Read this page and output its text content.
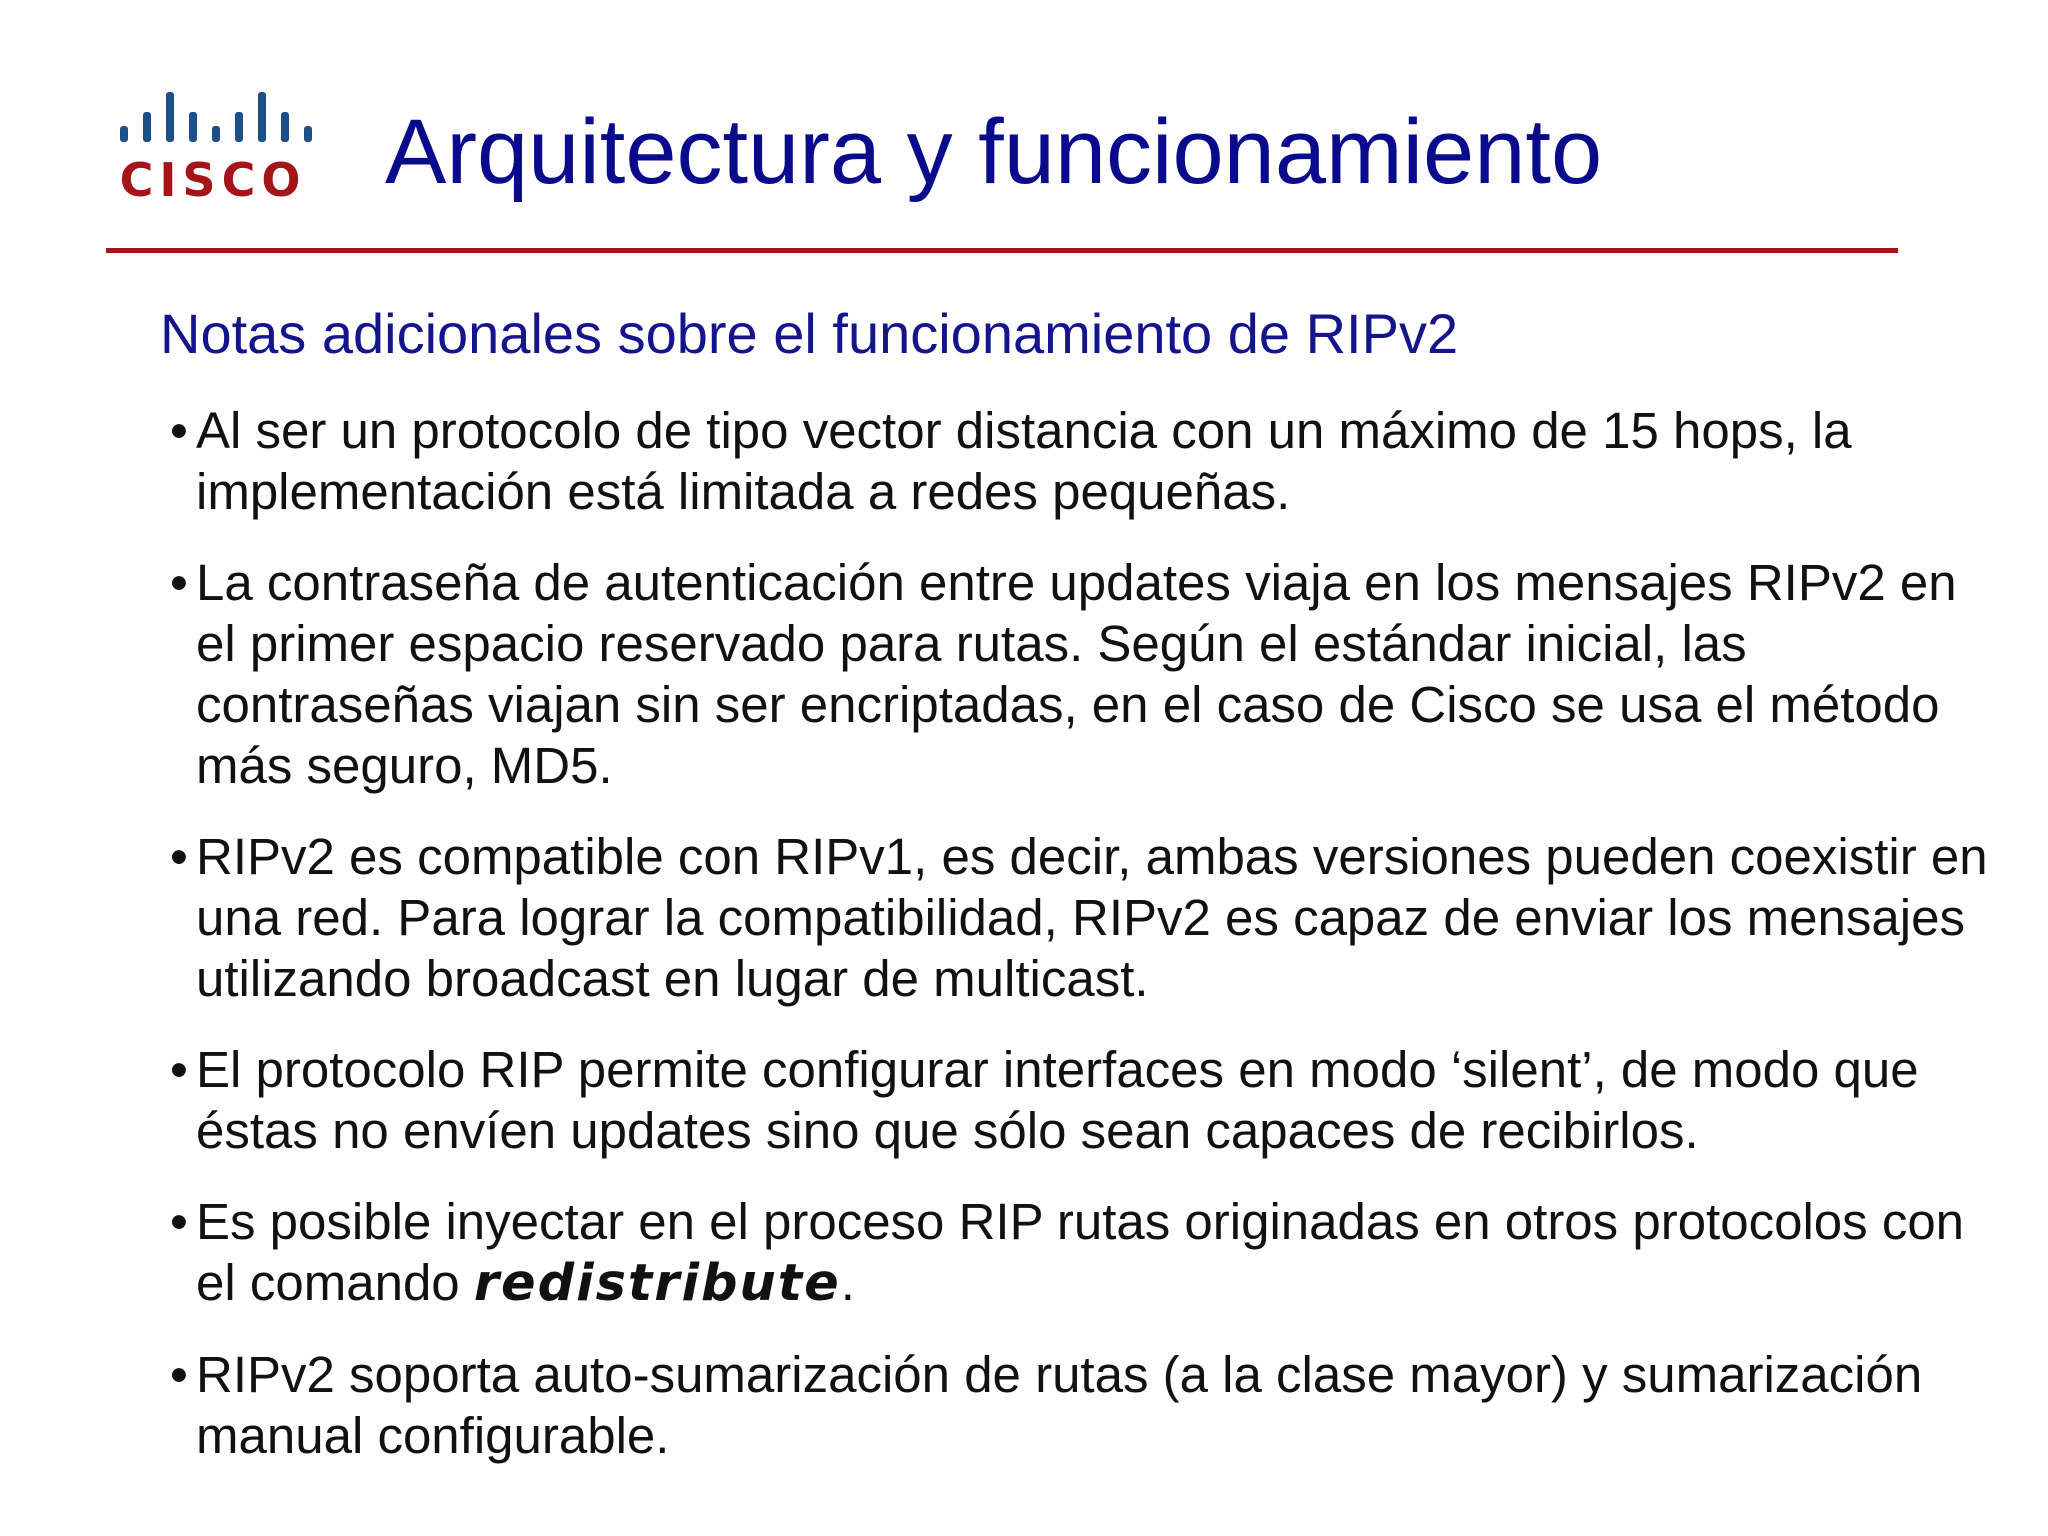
CISCO Arquitectura y funcionamiento
Notas adicionales sobre el funcionamiento de RIPv2
• Al ser un protocolo de tipo vector distancia con un máximo de 15 hops, la implementación está limitada a redes pequeñas.
• La contraseña de autenticación entre updates viaja en los mensajes RIPv2 en el primer espacio reservado para rutas. Según el estándar inicial, las contraseñas viajan sin ser encriptadas, en el caso de Cisco se usa el método más seguro, MD5.
• RIPv2 es compatible con RIPv1, es decir, ambas versiones pueden coexistir en una red. Para lograr la compatibilidad, RIPv2 es capaz de enviar los mensajes utilizando broadcast en lugar de multicast.
• El protocolo RIP permite configurar interfaces en modo ‘silent’, de modo que éstas no envíen updates sino que sólo sean capaces de recibirlos.
• Es posible inyectar en el proceso RIP rutas originadas en otros protocolos con el comando redistribute.
• RIPv2 soporta auto-sumarización de rutas (a la clase mayor) y sumarización manual configurable.
